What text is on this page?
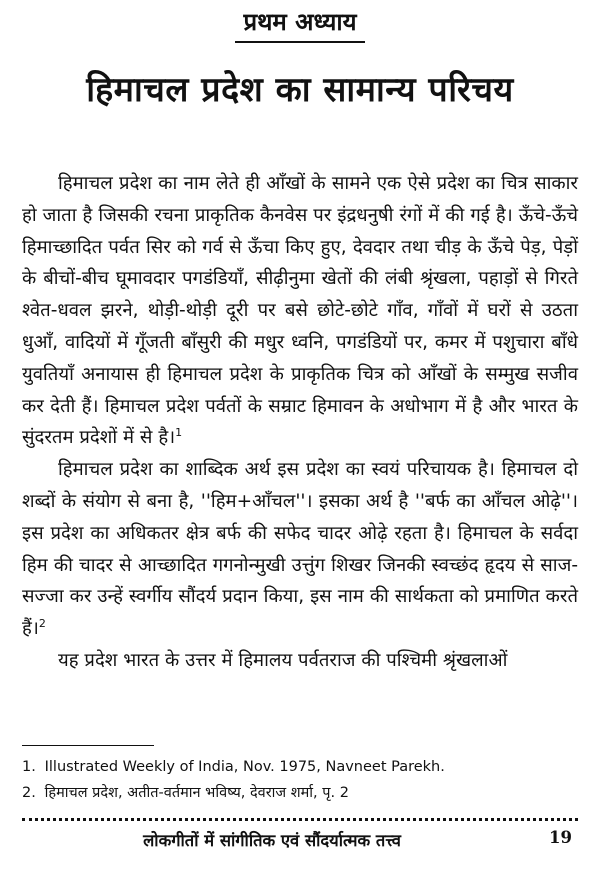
प्रथम अध्याय
हिमाचल प्रदेश का सामान्य परिचय

हिमाचल प्रदेश का नाम लेते ही आँखों के सामने एक ऐसे प्रदेश का चित्र साकार हो जाता है जिसकी रचना प्राकृतिक कैनवेस पर इंद्रधनुषी रंगों में की गई है। ऊँचे-ऊँचे हिमाच्छादित पर्वत सिर को गर्व से ऊँचा किए हुए, देवदार तथा चीड़ के ऊँचे पेड़, पेड़ों के बीचों-बीच घूमावदार पगडंडियाँ, सीढ़ीनुमा खेतों की लंबी श्रृंखला, पहाड़ों से गिरते श्वेत-धवल झरने, थोड़ी-थोड़ी दूरी पर बसे छोटे-छोटे गाँव, गाँवों में घरों से उठता धुआँ, वादियों में गूँजती बाँसुरी की मधुर ध्वनि, पगडंडियों पर, कमर में पशुचारा बाँधे युवतियाँ अनायास ही हिमाचल प्रदेश के प्राकृतिक चित्र को आँखों के सम्मुख सजीव कर देती हैं। हिमाचल प्रदेश पर्वतों के सम्राट हिमावन के अधोभाग में है और भारत के सुंदरतम प्रदेशों में से है।$^1$

हिमाचल प्रदेश का शाब्दिक अर्थ इस प्रदेश का स्वयं परिचायक है। हिमाचल दो शब्दों के संयोग से बना है, ''हिम+आँचल''। इसका अर्थ है ''बर्फ का आँचल ओढ़े''। इस प्रदेश का अधिकतर क्षेत्र बर्फ की सफेद चादर ओढ़े रहता है। हिमाचल के सर्वदा हिम की चादर से आच्छादित गगनोन्मुखी उत्तुंग शिखर जिनकी स्वच्छंद हृदय से साज-सज्जा कर उन्हें स्वर्गीय सौंदर्य प्रदान किया, इस नाम की सार्थकता को प्रमाणित करते हैं।$^2$

यह प्रदेश भारत के उत्तर में हिमालय पर्वतराज की पश्चिमी श्रृंखलाओं

1. Illustrated Weekly of India, Nov. 1975, Navneet Parekh.

2. हिमाचल प्रदेश, अतीत-वर्तमान भविष्य, देवराज शर्मा, पृ. 2

लोकगीतों में सांगीतिक एवं सौंदर्यात्मक तत्त्व	19
